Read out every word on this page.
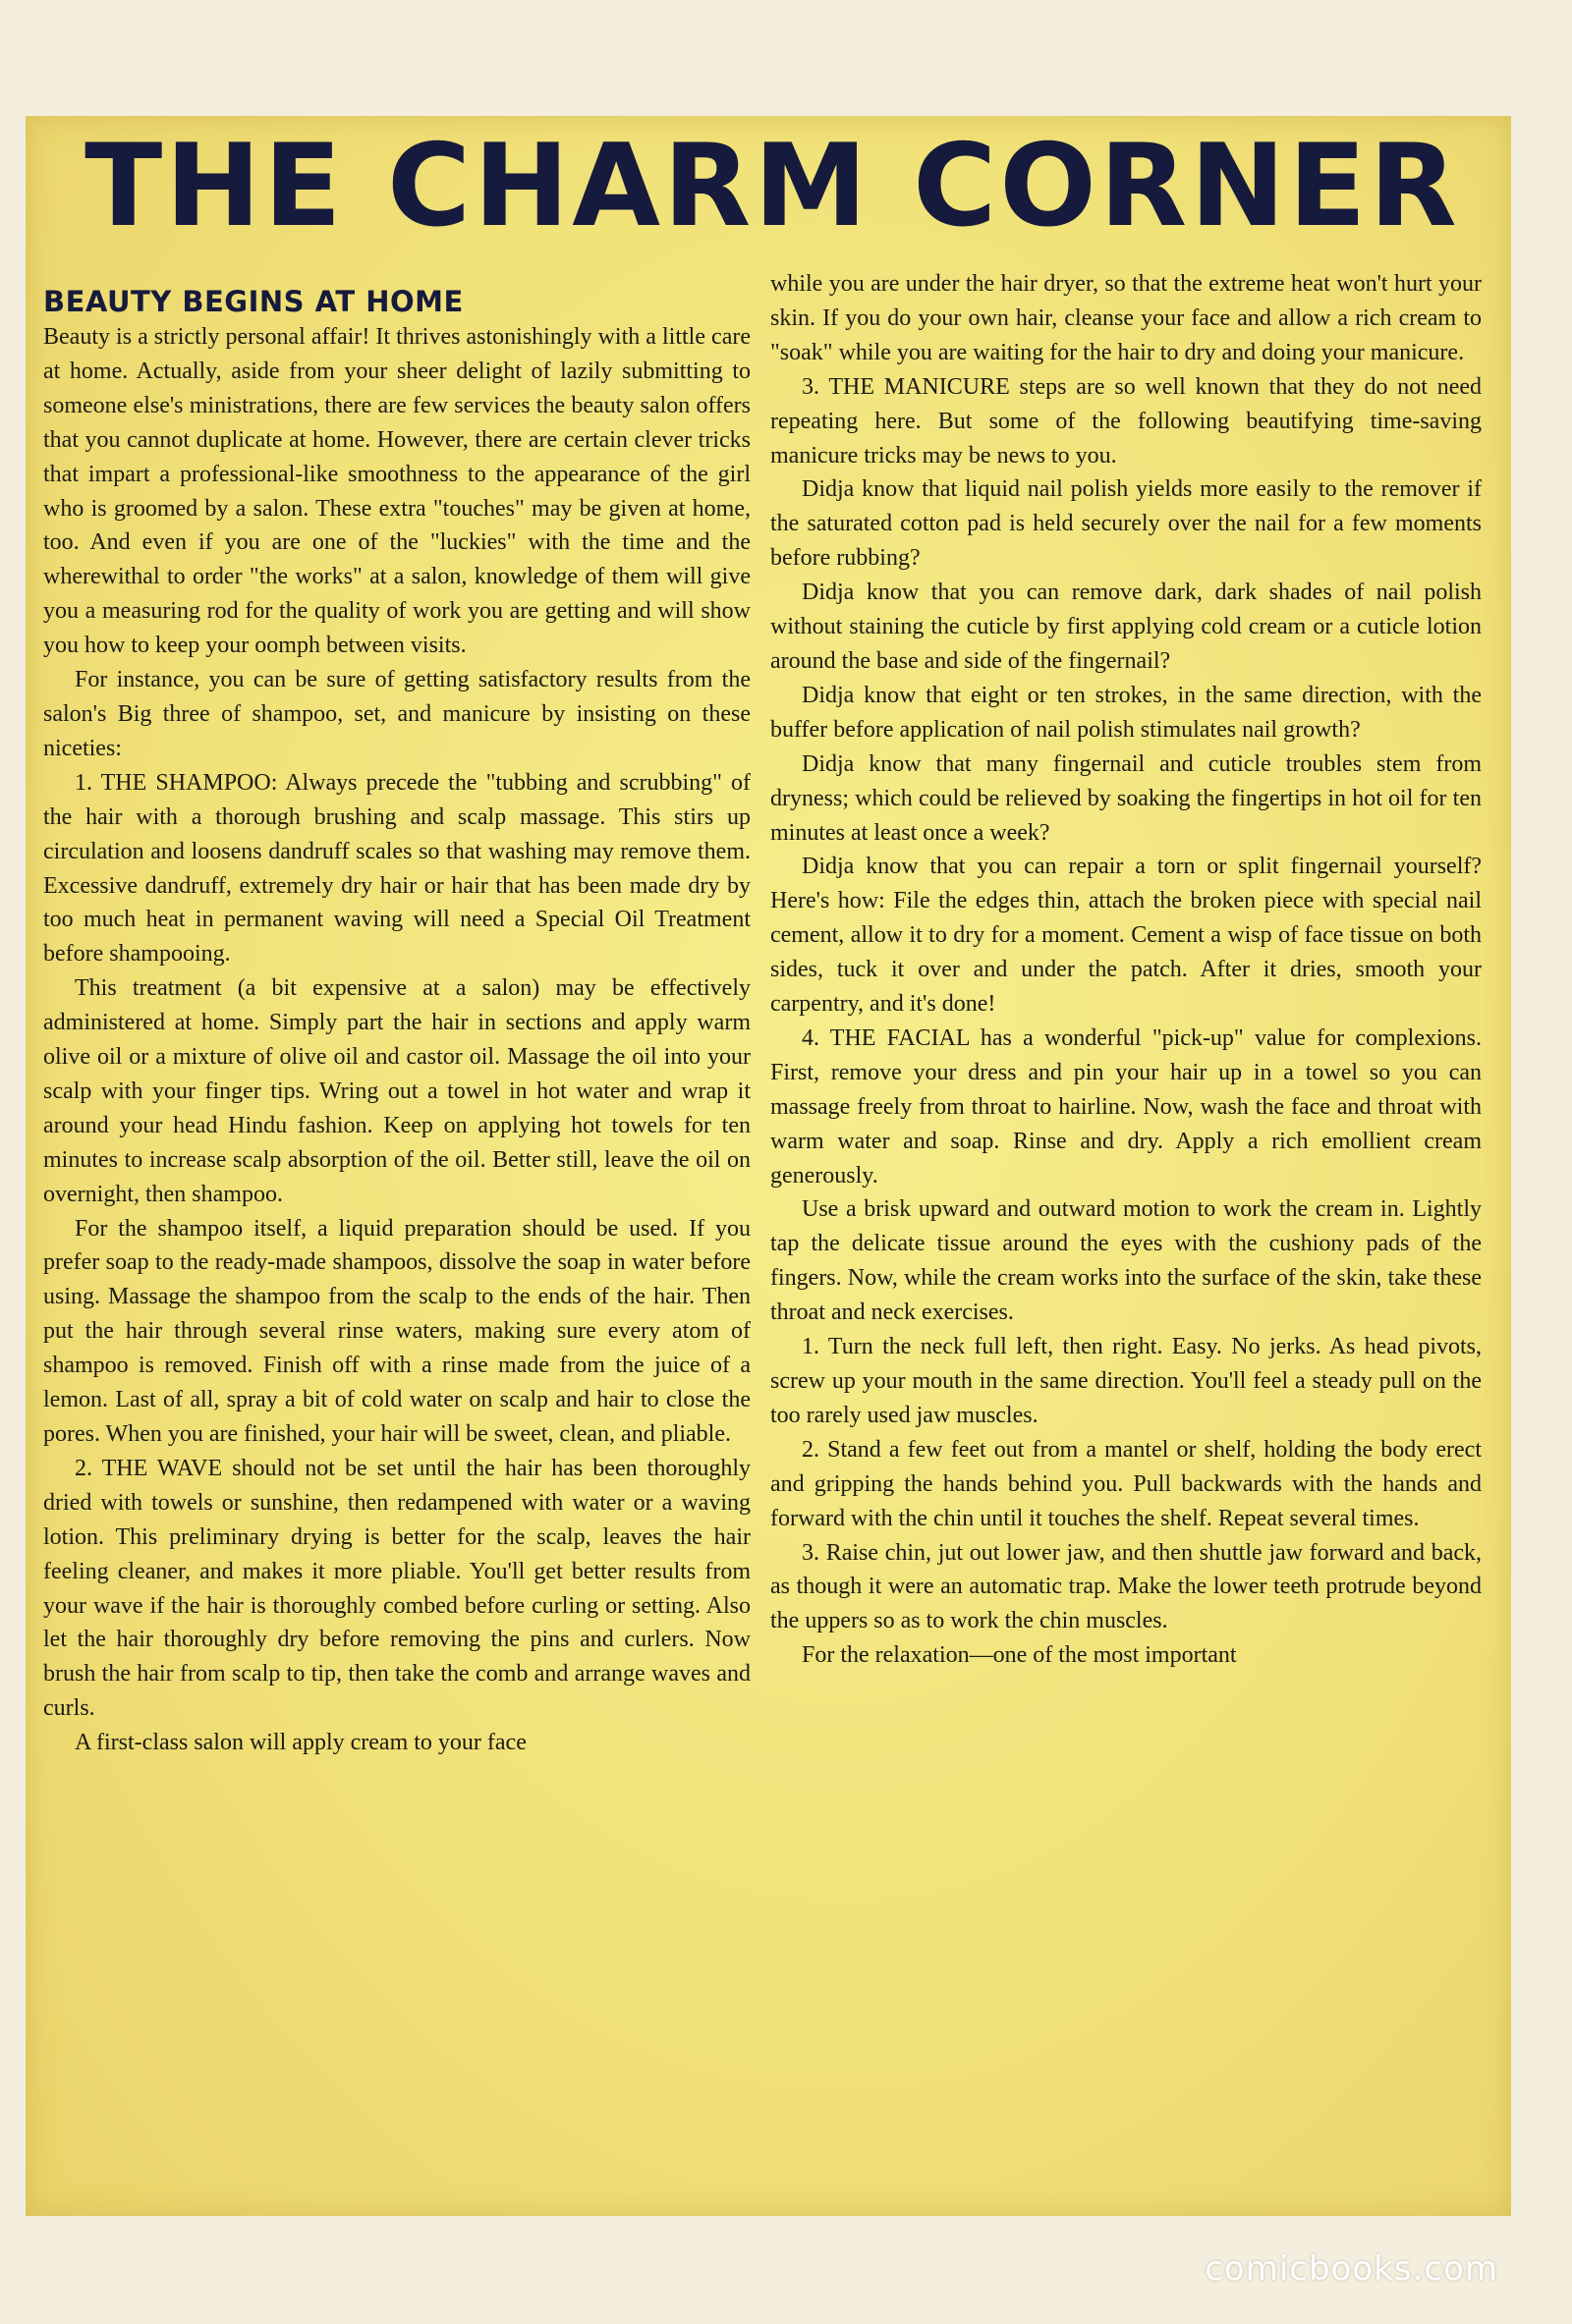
THE CHARM CORNER
BEAUTY BEGINS AT HOME

Beauty is a strictly personal affair! It thrives astonishingly with a little care at home. Actually, aside from your sheer delight of lazily submitting to someone else's ministrations, there are few services the beauty salon offers that you cannot duplicate at home. However, there are certain clever tricks that impart a professional-like smoothness to the appearance of the girl who is groomed by a salon. These extra "touches" may be given at home, too. And even if you are one of the "luckies" with the time and the wherewithal to order "the works" at a salon, knowledge of them will give you a measuring rod for the quality of work you are getting and will show you how to keep your oomph between visits.

For instance, you can be sure of getting satisfactory results from the salon's Big three of shampoo, set, and manicure by insisting on these niceties:

1. THE SHAMPOO: Always precede the "tubbing and scrubbing" of the hair with a thorough brushing and scalp massage. This stirs up circulation and loosens dandruff scales so that washing may remove them. Excessive dandruff, extremely dry hair or hair that has been made dry by too much heat in permanent waving will need a Special Oil Treatment before shampooing.

This treatment (a bit expensive at a salon) may be effectively administered at home. Simply part the hair in sections and apply warm olive oil or a mixture of olive oil and castor oil. Massage the oil into your scalp with your finger tips. Wring out a towel in hot water and wrap it around your head Hindu fashion. Keep on applying hot towels for ten minutes to increase scalp absorption of the oil. Better still, leave the oil on overnight, then shampoo.

For the shampoo itself, a liquid preparation should be used. If you prefer soap to the ready-made shampoos, dissolve the soap in water before using. Massage the shampoo from the scalp to the ends of the hair. Then put the hair through several rinse waters, making sure every atom of shampoo is removed. Finish off with a rinse made from the juice of a lemon. Last of all, spray a bit of cold water on scalp and hair to close the pores. When you are finished, your hair will be sweet, clean, and pliable.

2. THE WAVE should not be set until the hair has been thoroughly dried with towels or sunshine, then redampened with water or a waving lotion. This preliminary drying is better for the scalp, leaves the hair feeling cleaner, and makes it more pliable. You'll get better results from your wave if the hair is thoroughly combed before curling or setting. Also let the hair thoroughly dry before removing the pins and curlers. Now brush the hair from scalp to tip, then take the comb and arrange waves and curls.

A first-class salon will apply cream to your face

while you are under the hair dryer, so that the extreme heat won't hurt your skin. If you do your own hair, cleanse your face and allow a rich cream to "soak" while you are waiting for the hair to dry and doing your manicure.

3. THE MANICURE steps are so well known that they do not need repeating here. But some of the following beautifying time-saving manicure tricks may be news to you.

Didja know that liquid nail polish yields more easily to the remover if the saturated cotton pad is held securely over the nail for a few moments before rubbing?

Didja know that you can remove dark, dark shades of nail polish without staining the cuticle by first applying cold cream or a cuticle lotion around the base and side of the fingernail?

Didja know that eight or ten strokes, in the same direction, with the buffer before application of nail polish stimulates nail growth?

Didja know that many fingernail and cuticle troubles stem from dryness; which could be relieved by soaking the fingertips in hot oil for ten minutes at least once a week?

Didja know that you can repair a torn or split fingernail yourself? Here's how: File the edges thin, attach the broken piece with special nail cement, allow it to dry for a moment. Cement a wisp of face tissue on both sides, tuck it over and under the patch. After it dries, smooth your carpentry, and it's done!

4. THE FACIAL has a wonderful "pick-up" value for complexions. First, remove your dress and pin your hair up in a towel so you can massage freely from throat to hairline. Now, wash the face and throat with warm water and soap. Rinse and dry. Apply a rich emollient cream generously.

Use a brisk upward and outward motion to work the cream in. Lightly tap the delicate tissue around the eyes with the cushiony pads of the fingers. Now, while the cream works into the surface of the skin, take these throat and neck exercises.

1. Turn the neck full left, then right. Easy. No jerks. As head pivots, screw up your mouth in the same direction. You'll feel a steady pull on the too rarely used jaw muscles.

2. Stand a few feet out from a mantel or shelf, holding the body erect and gripping the hands behind you. Pull backwards with the hands and forward with the chin until it touches the shelf. Repeat several times.

3. Raise chin, jut out lower jaw, and then shuttle jaw forward and back, as though it were an automatic trap. Make the lower teeth protrude beyond the uppers so as to work the chin muscles.

For the relaxation—one of the most important

comicbooks.com
